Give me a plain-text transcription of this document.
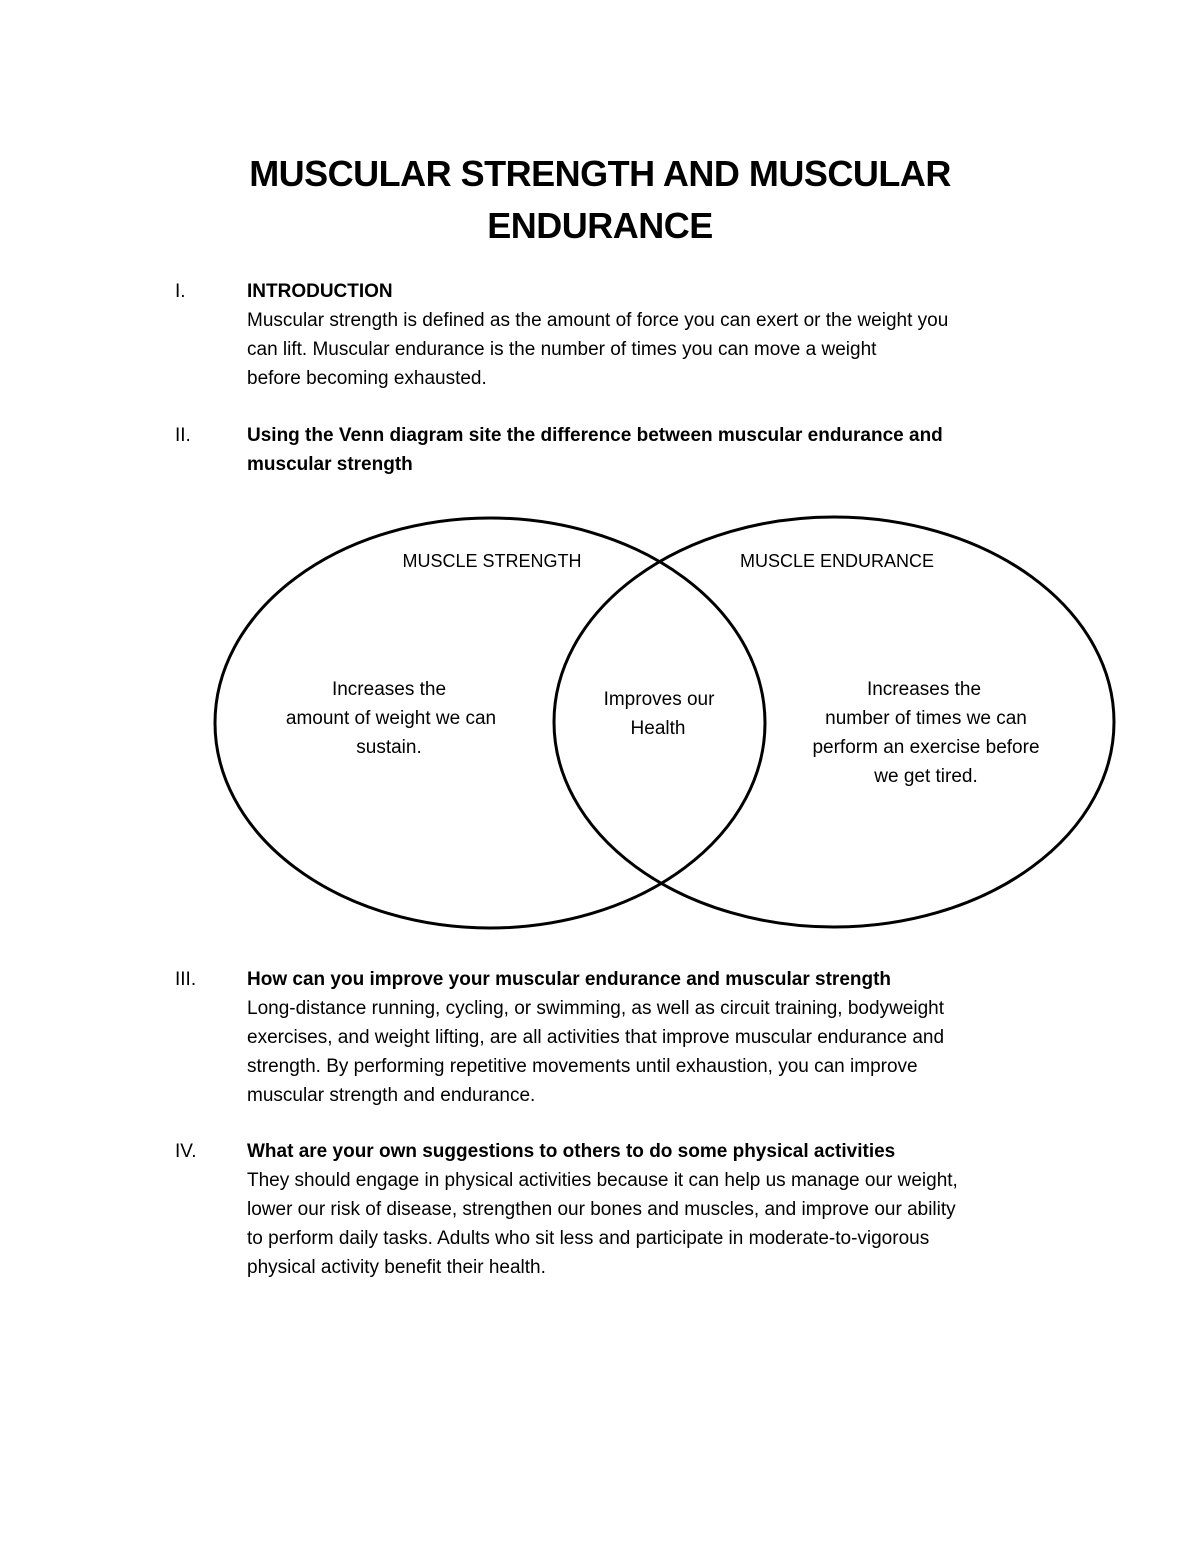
MUSCULAR STRENGTH AND MUSCULAR
ENDURANCE
I.	INTRODUCTION
Muscular strength is defined as the amount of force you can exert or the weight you
can lift. Muscular endurance is the number of times you can move a weight
before becoming exhausted.
II.	Using the Venn diagram site the difference between muscular endurance and
muscular strength
MUSCLE STRENGTH	MUSCLE ENDURANCE
Increases the
amount of weight we can
sustain.
Improves our
Health
Increases the
number of times we can
perform an exercise before
we get tired.
III.	How can you improve your muscular endurance and muscular strength
Long-distance running, cycling, or swimming, as well as circuit training, bodyweight
exercises, and weight lifting, are all activities that improve muscular endurance and
strength. By performing repetitive movements until exhaustion, you can improve
muscular strength and endurance.
IV.	What are your own suggestions to others to do some physical activities
They should engage in physical activities because it can help us manage our weight,
lower our risk of disease, strengthen our bones and muscles, and improve our ability
to perform daily tasks. Adults who sit less and participate in moderate-to-vigorous
physical activity benefit their health.
